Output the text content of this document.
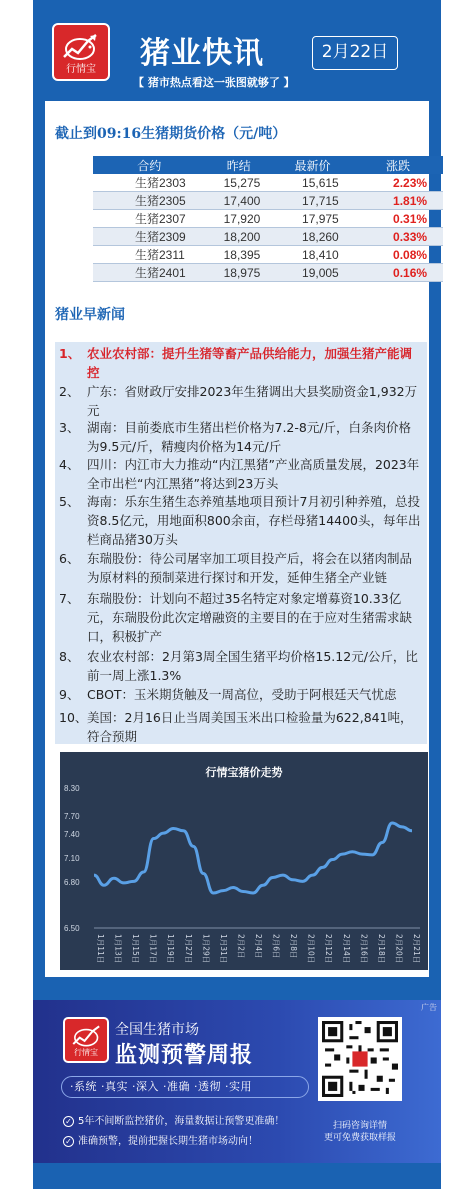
行情宝	猪业快讯	2月22日
【 猪市热点看这一张图就够了 】
截止到09:16生猪期货价格（元/吨）
合约	昨结	最新价	涨跌
生猪2303	15,275	15,615	2.23%
生猪2305	17,400	17,715	1.81%
生猪2307	17,920	17,975	0.31%
生猪2309	18,200	18,260	0.33%
生猪2311	18,395	18,410	0.08%
生猪2401	18,975	19,005	0.16%
猪业早新闻
1、 农业农村部：提升生猪等畜产品供给能力，加强生猪产能调控
2、 广东：省财政厅安排2023年生猪调出大县奖励资金1,932万元
3、 湖南：目前娄底市生猪出栏价格为7.2-8元/斤，白条肉价格为9.5元/斤，精瘦肉价格为14元/斤
4、 四川：内江市大力推动“内江黑猪”产业高质量发展，2023年全市出栏“内江黑猪”将达到23万头
5、 海南：乐东生猪生态养殖基地项目预计7月初引种养殖，总投资8.5亿元，用地面积800余亩，存栏母猪14400头，每年出栏商品猪30万头
6、 东瑞股份：待公司屠宰加工项目投产后，将会在以猪肉制品为原材料的预制菜进行探讨和开发，延伸生猪全产业链
7、 东瑞股份：计划向不超过35名特定对象定增募资10.33亿元，东瑞股份此次定增融资的主要目的在于应对生猪需求缺口，积极扩产
8、 农业农村部：2月第3周全国生猪平均价格15.12元/公斤，比前一周上涨1.3%
9、 CBOT：玉米期货触及一周高位，受助于阿根廷天气忧虑
10、 美国：2月16日止当周美国玉米出口检验量为622,841吨，符合预期
行情宝猪价走势
8.30
7.70
7.40
7.10
6.80
6.50
1月11日 1月13日 1月15日 1月17日 1月19日 1月27日 1月29日 1月31日 2月2日 2月4日 2月6日 2月8日 2月10日 2月12日 2月14日 2月16日 2月18日 2月20日 2月21日
广告
行情宝
全国生猪市场
监测预警周报
·系统 ·真实 ·深入 ·准确 ·透彻 ·实用
✓ 5年不间断监控猪价，海量数据让预警更准确！
✓ 准确预警，提前把握长期生猪市场动向！
扫码咨询详情
更可免费获取样报
